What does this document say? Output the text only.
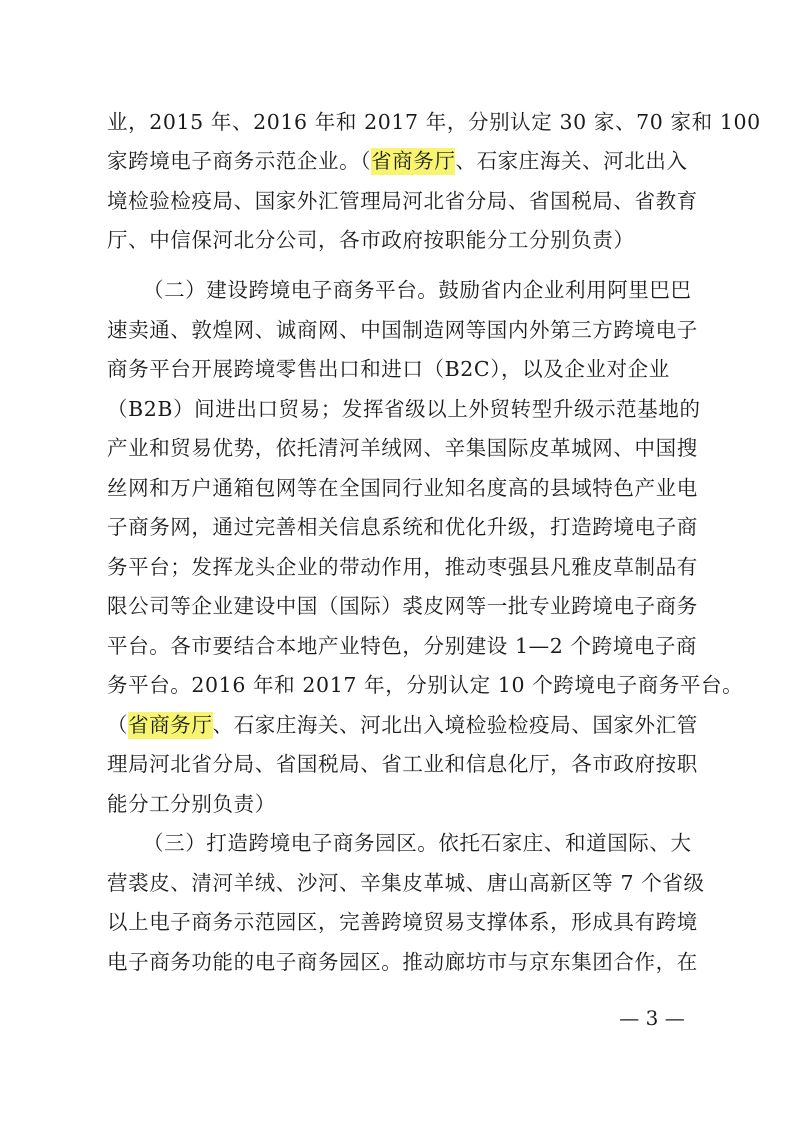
业，2015 年、2016 年和 2017 年，分别认定 30 家、70 家和 100
家跨境电子商务示范企业。（省商务厅、石家庄海关、河北出入
境检验检疫局、国家外汇管理局河北省分局、省国税局、省教育
厅、中信保河北分公司，各市政府按职能分工分别负责）
（二）建设跨境电子商务平台。鼓励省内企业利用阿里巴巴
速卖通、敦煌网、诚商网、中国制造网等国内外第三方跨境电子
商务平台开展跨境零售出口和进口（B2C），以及企业对企业
（B2B）间进出口贸易；发挥省级以上外贸转型升级示范基地的
产业和贸易优势，依托清河羊绒网、辛集国际皮革城网、中国搜
丝网和万户通箱包网等在全国同行业知名度高的县域特色产业电
子商务网，通过完善相关信息系统和优化升级，打造跨境电子商
务平台；发挥龙头企业的带动作用，推动枣强县凡雅皮草制品有
限公司等企业建设中国（国际）裘皮网等一批专业跨境电子商务
平台。各市要结合本地产业特色，分别建设 1—2 个跨境电子商
务平台。2016 年和 2017 年，分别认定 10 个跨境电子商务平台。
（省商务厅、石家庄海关、河北出入境检验检疫局、国家外汇管
理局河北省分局、省国税局、省工业和信息化厅，各市政府按职
能分工分别负责）
（三）打造跨境电子商务园区。依托石家庄、和道国际、大
营裘皮、清河羊绒、沙河、辛集皮革城、唐山高新区等 7 个省级
以上电子商务示范园区，完善跨境贸易支撑体系，形成具有跨境
电子商务功能的电子商务园区。推动廊坊市与京东集团合作，在
— 3 —
